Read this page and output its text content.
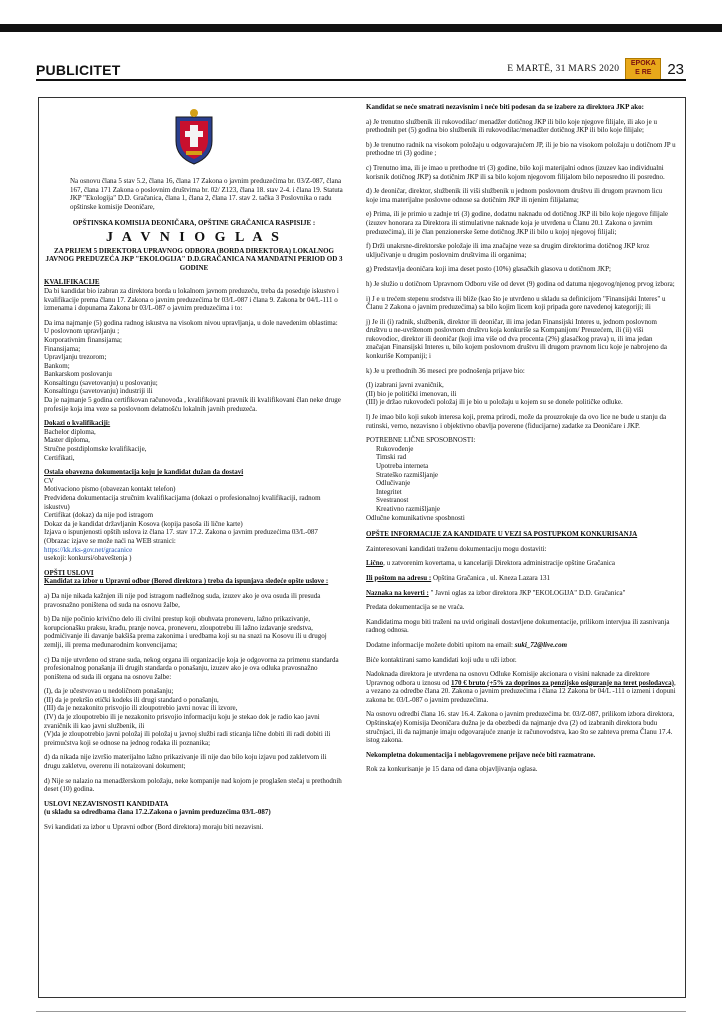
PUBLICITET	E MARTË, 31 MARS 2020
EPOKA
E RE	23

Na osnovu člana 5 stav 5.2, člana 16, člana 17 Zakona o javnim preduzećima br. 03/Z-087, člana 167, člana 171 Zakona o poslovnim društvima br. 02/ Z123, člana 18. stav 2-4. i člana 19. Statuta JKP "Ekologija" D.D. Gračanica, člana 1, člana 2, člana 17. stav 2. tačka 3 Poslovnika o radu opštinske komisije Deoničare,

OPŠTINSKA KOMISIJA DEONIČARA, OPŠTINE GRAČANICA RASPISIJE :

J A V N I O G L A S

ZA PRIJEM 5 DIREKTORA UPRAVNOG ODBORA (BORDA DIREKTORA) LOKALNOG JAVNOG PREDUZEĆA JKP "EKOLOGIJA" D.D.GRAČANICA NA MANDATNI PERIOD OD 3 GODINE

KVALIFIKACIJE

Da bi kandidat bio izabran za direktora borda u lokalnom javnom preduzeću, treba da poseduje iskustvo i kvalifikacije prema članu 17. Zakona o javnim preduzećima br 03/L-087 i člana 9. Zakona br 04/L-111 o izmenama i dopunama Zakona br 03/L-087 o javnim preduzećima i to:

Da ima najmanje (5) godina radnog iskustva na visokom nivou upravljanja, u dole navedenim oblastima:

U poslovnom upravljanju ;
Korporativnim finansijama;
Finansijama;
Upravljanju trezorom;
Bankom;
Bankarskom poslovanju
Konsaltingu (savetovanju) u poslovanju;
Konsaltingu (savetovanju) industriji ili

Da je najmanje 5 godina certifikovan računovođa , kvalifikovani pravnik ili kvalifikovani član neke druge profesije koja ima veze sa poslovnom delatnošću lokalnih javnih preduzeća.

Dokazi o kvalifikaciji:

Bachelor diploma,
Master diploma,
Stručne postdiplomske kvalifikacije,
Certifikati,

Ostala obavezna dokumentacija koju je kandidat dužan da dostavi

CV
Motivaciono pismo (obavezan kontakt telefon)
Predviđena dokumentacija stručnim kvalifikacijama (dokazi o profesionalnoj kvalifikaciji, radnom iskustvu)
Certifikat (dokaz) da nije pod istragom
Dokaz da je kandidat državljanin Kosova (kopija pasoša ili lične karte)
Izjava o ispunjenosti opštih uslova iz člana 17. stav 17.2. Zakona o javnim preduzećima 03/L-087 (Obrazac izjave se može naći na WEB stranici:

https://kk.rks-gov.net/gracanice
usekoji: konkursi/obaveštenja )

OPŠTI USLOVI

Kandidat za izbor u Upravni odbor (Bored direktora ) treba da ispunjava sledeće opšte uslove :

a) Da nije nikada kažnjen ili nije pod istragom nadležnog suda, izuzev ako je ova osuda ili presuda pravosnažno poništena od suda na osnovu žalbe,

b) Da nije počinio krivično delo ili civilni prestup koji obuhvata proneveru, lažno prikazivanje, korupcionašku praksu, krađu, pranje novca, proneveru, zloupotrebu ili lažno izdavanje sredstva, podmićivanje ili davanje bakšiša prema zakonima i uredbama koji su na snazi na Kosovu ili u drugoj zemlji, ili prema međunarodnim konvencijama;

c) Da nije utvrđeno od strane suda, nekog organa ili organizacije koja je odgovorna za primenu standarda profesionalnog ponašanja ili drugih standarda o ponašanju, izuzev ako je ova odluka pravosnažno poništena od suda ili organa na osnovu žalbe:

(I), da je učestvovao u nedoličnom ponašanju;
(II) da je prekršio etički kodeks ili drugi standard o ponašanju,
(III) da je nezakonito prisvojio ili zloupotrebio javni novac ili izvore,
(IV) da je zloupotrebio ili je nezakonito prisvojio informaciju koju je stekao dok je radio kao javni zvaničnik ili kao javni službenik, ili
(V)da je zloupotrebio javni položaj ili položaj u javnoj službi radi sticanja lične dobiti ili radi dobiti ili preimućstva koji se odnose na jednog rođaka ili poznanika;

d) da nikada nije izvršio materijalno lažno prikazivanje ili nije dao bilo koju izjavu pod zakletvom ili drugu zakletvu, overenu ili notaizovani dokument;

d) Nije se nalazio na menadžerskom položaju, neke kompanije nad kojom je proglašen stečaj u prethodnih deset (10) godina.

USLOVI NEZAVISNOSTI KANDIDATA

(u skladu sa odredbama člana 17.2.Zakona o javnim preduzećima 03/L-087)

Svi kandidati za izbor u Upravni odbor (Bord direktora) moraju biti nezavisni.

Kandidat se neće smatrati nezavisnim i neće biti podesan da se izabere za direktora JKP ako:

a) Je trenutno službenik ili rukovodilac/ menadžer dotičnog JKP ili bilo koje njegove filijale, ili ako je u prethodnih pet (5) godina bio službenik ili rukovodilac/menadžer dotičnog JKP ili bilo koje filijale;

b) Je trenutno radnik na visokom položaju u odgovarajućem JP, ili je bio na visokom položaju u dotičnom JP u prethodne tri (3) godine ;

c) Trenutno ima, ili je imao u prethodne tri (3) godine, bilo koji materijalni odnos (izuzev kao individualni korisnik dotičnog JKP) sa dotičnim JKP ili sa bilo kojom njegovom filijalom bilo neposredno ili posredno.

d) Je deoničar, direktor, službenik ili viši službenik u jednom poslovnom društvu ili drugom pravnom licu koje ima materijalne poslovne odnose sa dotičnim JKP ili njenim filijalama;

e) Prima, ili je primio u zadnje tri (3) godine, dodatnu naknadu od dotičnog JKP ili bilo koje njegove filijale (izuzev honorara za Direktora ili stimulativne naknade koja je utvrđena u Članu 20.1 Zakona o javnim preduzećima), ili je član penzionerske šeme dotičnog JKP ili bilo u kojoj njegovoj filijali;

f) Drži unakrsne-direktorske položaje ili ima značajne veze sa drugim direktorima dotičnog JKP kroz uključivanje u drugim poslovnim društvima ili organima;

g) Predstavlja deoničara koji ima deset posto (10%) glasačkih glasova u dotičnom JKP;

h) Je služio u dotičnom Upravnom Odboru više od devet (9) godina od datuma njegovog/njenog prvog izbora;

i) J e u trećem stepenu srodstva ili bliže (kao što je utvrđeno u skladu sa definicijom "Finansijski Interes" u Članu 2 Zakona o javnim preduzećima) sa bilo kojim licem koji pripada gore navedenoj kategoriji; ili

j) Je ili (i) radnik, službenik, direktor ili deoničar, ili ima jedan Finansijski Interes u, jednom poslovnom društvu u ne-uvrštenom poslovnom društvu koja konkuriše sa Kompanijom/ Preuzećem, ili (ii) viši rukovodioc, direktor ili deoničar (koji ima više od dva procenta (2%) glasačkog prava) u, ili ima jedan značajan Finansijski Interes u, bilo kojem poslovnom društvu ili drugom pravnom licu koje je nabrojeno da konkuriše Kompaniji; i

k) Je u prethodnih 36 meseci pre podnošenja prijave bio:

(I) izabrani javni zvaničnik,
(II) bio je politički imenovan, ili
(III) je držao rukovodeći položaj ili je bio u položaju u kojem su se donele političke odluke.

l) Je imao bilo koji sukob interesa koji, prema prirodi, može da prouzrokuje da ovo lice ne bude u stanju da rutinski, verno, nezavisno i objektivno obavlja poverene (fiducijarne) zadatke za Deoničare i JKP.

POTREBNE LIČNE SPOSOBNOSTI:
Rukovođenje
Timski rad
Upotreba interneta
Strateško razmišljanje
Odlučivanje
Integritet
Svestranost
Kreativno razmišljanje

Odlučne komunikativne sposbnosti

OPŠTE INFORMACIJE ZA KANDIDATE U VEZI SA POSTUPKOM KONKURISANJA

Zainteresovani kandidati traženu dokumentaciju mogu dostaviti:

Lično, u zatvorenim kovertama, u kancelariji Direktora administracije opštine Gračanica

Ili poštom na adresu : Opština Gračanica , ul. Kneza Lazara 131

Naznaka na koverti : " Javni oglas za izbor direktora JKP "EKOLOGIJA" D.D. Gračanica"

Predata dokumentacija se ne vraća.

Kandidatima mogu biti traženi na uvid originali dostavljene dokumentacije, prilikom intervjua ili zasnivanja radnog odnosa.

Dodatne informacije možete dobiti upitom na email: suki_72@live.com

Biće kontaktirani samo kandidati koji uđu u uži izbor.

Nadoknada direktora je utvrđena na osnovu Odluke Komisije akcionara o visini naknade za direktore Upravnog odbora u iznosu od 170 € bruto (+5% za doprinos za penzijsko osiguranje na teret poslodavca), a vezano za odredbe člana 20. Zakona o javnim preduzećima i člana 12 Zakona br 04/L -111 o izmeni i dopuni zakona br. 03/L-087 o javnim preduzećima.

Na osnovu odredbi člana 16. stav 16.4. Zakona o javnim preduzećima br. 03/Z-087, prilikom izbora direktora, Opštinska(e) Komisija Deoničara dužna je da obezbedi da najmanje dva (2) od izabranih direktora budu stručnjaci, ili da najmanje imaju odgovarajuće znanje iz računovodstva, kao što se zahteva prema Članu 17.4. istog zakona.

Nekompletna dokumentacija i neblagovremene prijave neće biti razmatrane.

Rok za konkurisanje je 15 dana od dana objavljivanja oglasa.
